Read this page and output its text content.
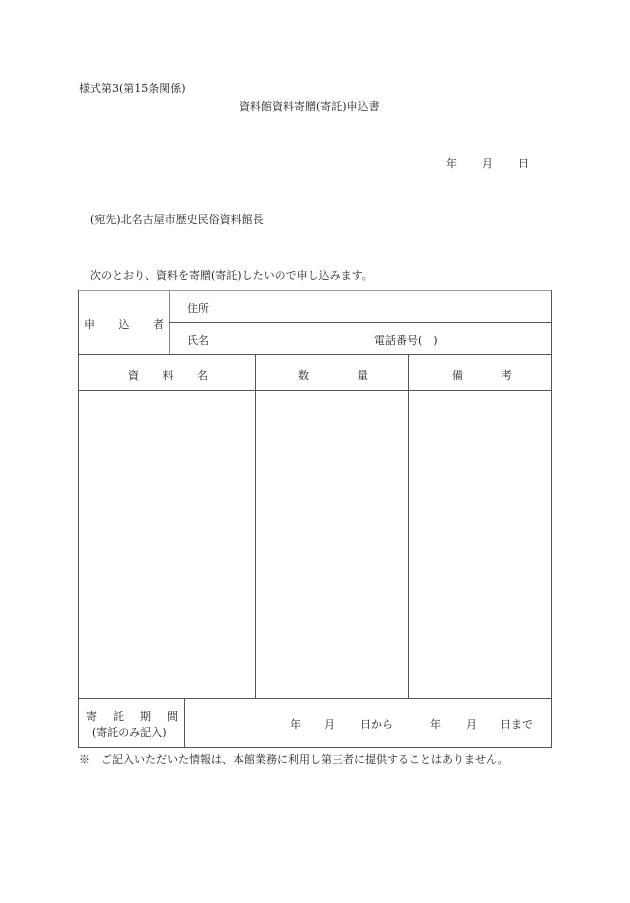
様式第3(第15条関係)
資料館資料寄贈(寄託)申込書
年 月 日
(宛先)北名古屋市歴史民俗資料館長
次のとおり、資料を寄贈(寄託)したいので申し込みます。
申 込 者
住所
氏名	電話番号(　)
資 料 名	数	量	備	考
寄 託 期 間
(寄託のみ記入)
年 月 日から	年 月 日まで
※　ご記入いただいた情報は、本館業務に利用し第三者に提供することはありません。
